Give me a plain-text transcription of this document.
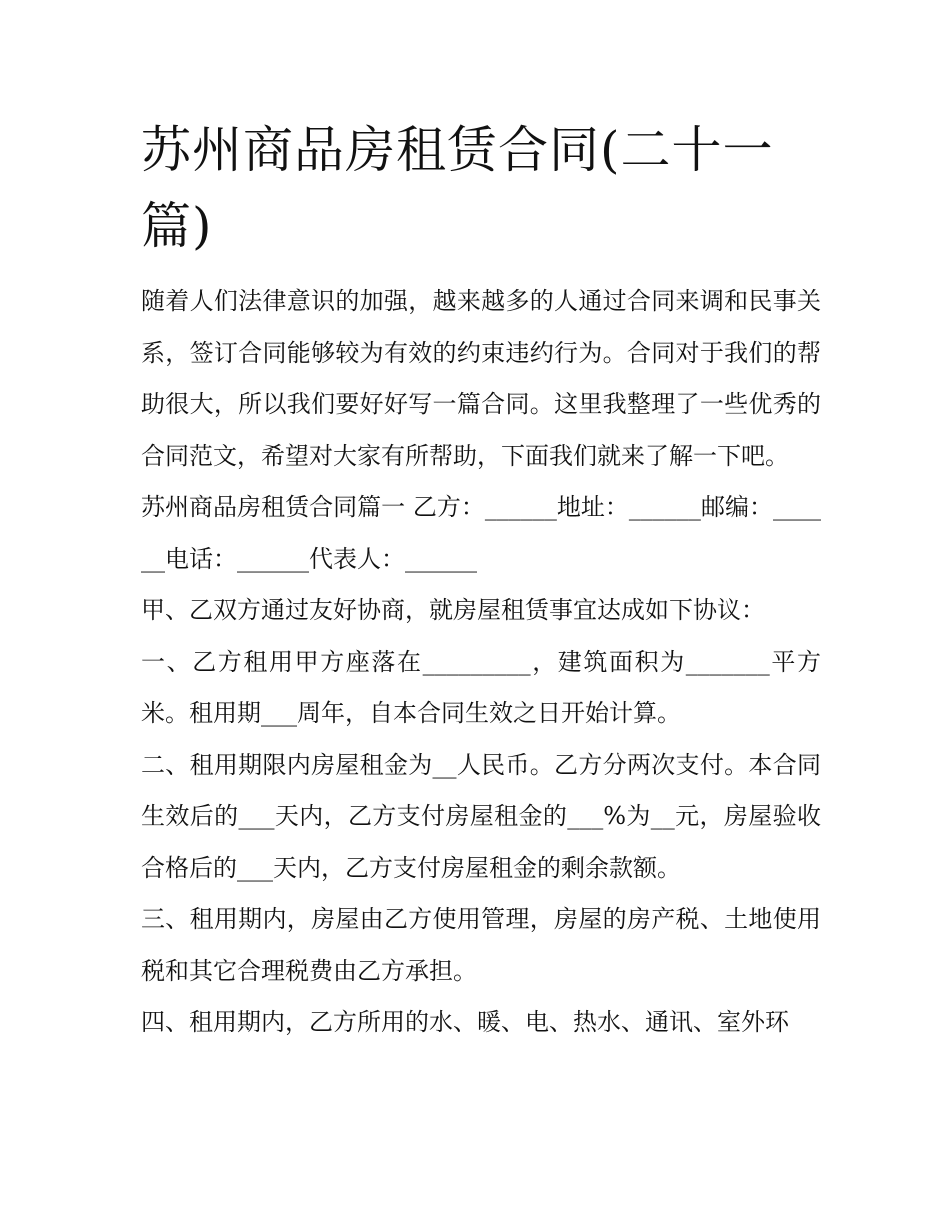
苏州商品房租赁合同(二十一篇)

随着人们法律意识的加强，越来越多的人通过合同来调和民事关系，签订合同能够较为有效的约束违约行为。合同对于我们的帮助很大，所以我们要好好写一篇合同。这里我整理了一些优秀的合同范文，希望对大家有所帮助，下面我们就来了解一下吧。

苏州商品房租赁合同篇一 乙方：______地址：______邮编：______电话：______代表人：______

甲、乙双方通过友好协商，就房屋租赁事宜达成如下协议：

一、乙方租用甲方座落在_________，建筑面积为_______平方米。租用期___周年，自本合同生效之日开始计算。

二、租用期限内房屋租金为__人民币。乙方分两次支付。本合同生效后的___天内，乙方支付房屋租金的___%为__元，房屋验收合格后的___天内，乙方支付房屋租金的剩余款额。

三、租用期内，房屋由乙方使用管理，房屋的房产税、土地使用税和其它合理税费由乙方承担。

四、租用期内，乙方所用的水、暖、电、热水、通讯、室外环
